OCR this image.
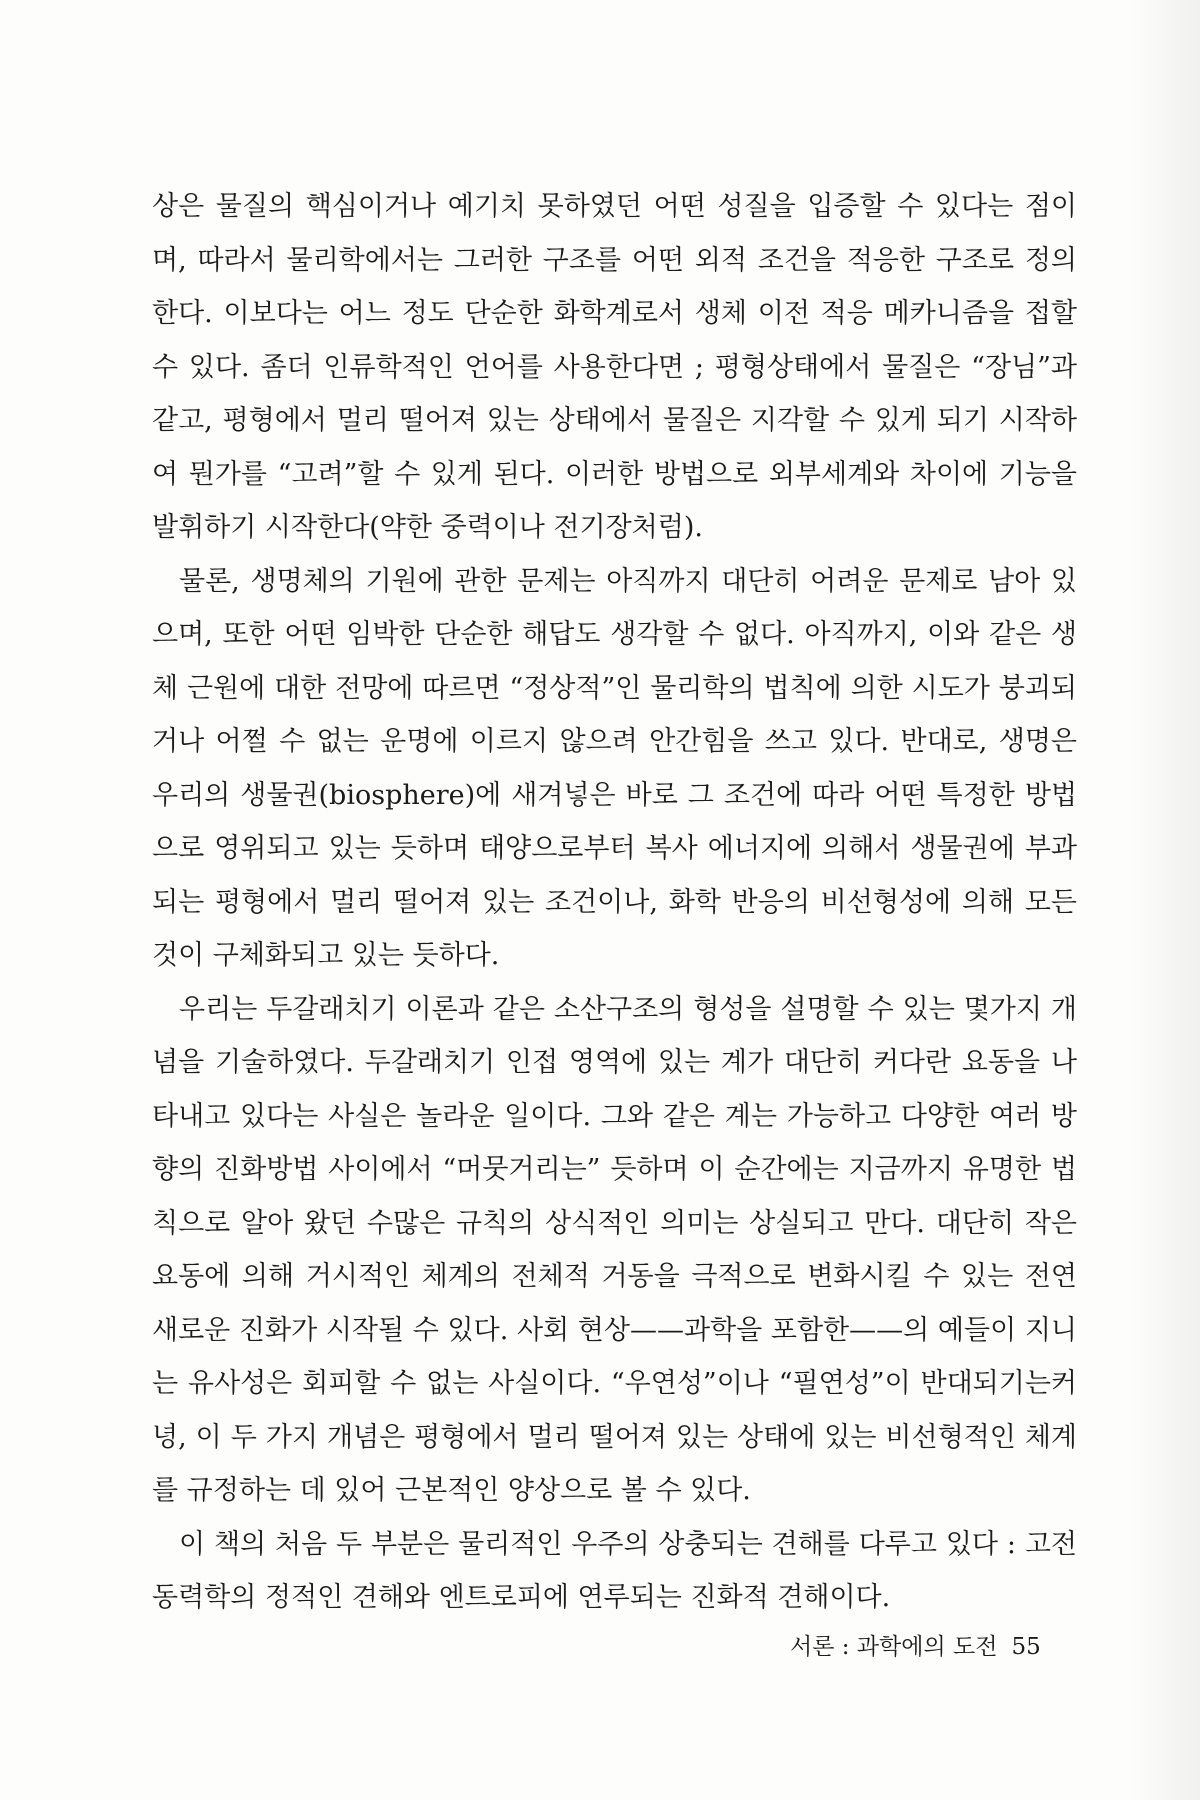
상은 물질의 핵심이거나 예기치 못하였던 어떤 성질을 입증할 수 있다는 점이며, 따라서 물리학에서는 그러한 구조를 어떤 외적 조건을 적응한 구조로 정의한다. 이보다는 어느 정도 단순한 화학계로서 생체 이전 적응 메카니즘을 접할 수 있다. 좀더 인류학적인 언어를 사용한다면 ; 평형상태에서 물질은 “장님”과 같고, 평형에서 멀리 떨어져 있는 상태에서 물질은 지각할 수 있게 되기 시작하여 뭔가를 “고려”할 수 있게 된다. 이러한 방법으로 외부세계와 차이에 기능을 발휘하기 시작한다(약한 중력이나 전기장처럼).

물론, 생명체의 기원에 관한 문제는 아직까지 대단히 어려운 문제로 남아 있으며, 또한 어떤 임박한 단순한 해답도 생각할 수 없다. 아직까지, 이와 같은 생체 근원에 대한 전망에 따르면 “정상적”인 물리학의 법칙에 의한 시도가 붕괴되거나 어쩔 수 없는 운명에 이르지 않으려 안간힘을 쓰고 있다. 반대로, 생명은 우리의 생물권(biosphere)에 새겨넣은 바로 그 조건에 따라 어떤 특정한 방법으로 영위되고 있는 듯하며 태양으로부터 복사 에너지에 의해서 생물권에 부과되는 평형에서 멀리 떨어져 있는 조건이나, 화학 반응의 비선형성에 의해 모든 것이 구체화되고 있는 듯하다.

우리는 두갈래치기 이론과 같은 소산구조의 형성을 설명할 수 있는 몇가지 개념을 기술하였다. 두갈래치기 인접 영역에 있는 계가 대단히 커다란 요동을 나타내고 있다는 사실은 놀라운 일이다. 그와 같은 계는 가능하고 다양한 여러 방향의 진화방법 사이에서 “머뭇거리는” 듯하며 이 순간에는 지금까지 유명한 법칙으로 알아 왔던 수많은 규칙의 상식적인 의미는 상실되고 만다. 대단히 작은 요동에 의해 거시적인 체계의 전체적 거동을 극적으로 변화시킬 수 있는 전연 새로운 진화가 시작될 수 있다. 사회 현상——과학을 포함한——의 예들이 지니는 유사성은 회피할 수 없는 사실이다. “우연성”이나 “필연성”이 반대되기는커녕, 이 두 가지 개념은 평형에서 멀리 떨어져 있는 상태에 있는 비선형적인 체계를 규정하는 데 있어 근본적인 양상으로 볼 수 있다.

이 책의 처음 두 부분은 물리적인 우주의 상충되는 견해를 다루고 있다 : 고전 동력학의 정적인 견해와 엔트로피에 연루되는 진화적 견해이다.

서론 : 과학에의 도전 55
